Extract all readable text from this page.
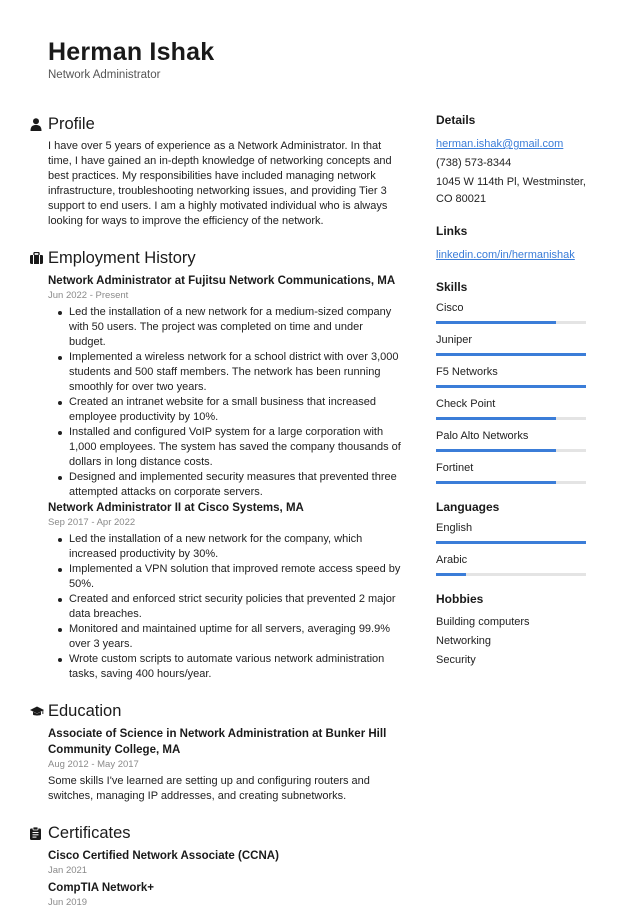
Herman Ishak
Network Administrator
Profile

I have over 5 years of experience as a Network Administrator. In that time, I have gained an in-depth knowledge of networking concepts and best practices. My responsibilities have included managing network infrastructure, troubleshooting networking issues, and providing Tier 3 support to end users. I am a highly motivated individual who is always looking for ways to improve the efficiency of the network.

Employment History
Network Administrator at Fujitsu Network Communications, MA
Jun 2022 - Present
Led the installation of a new network for a medium-sized company with 50 users. The project was completed on time and under budget.
Implemented a wireless network for a school district with over 3,000 students and 500 staff members. The network has been running smoothly for over two years.
Created an intranet website for a small business that increased employee productivity by 10%.
Installed and configured VoIP system for a large corporation with 1,000 employees. The system has saved the company thousands of dollars in long distance costs.
Designed and implemented security measures that prevented three attempted attacks on corporate servers.
Network Administrator II at Cisco Systems, MA
Sep 2017 - Apr 2022
Led the installation of a new network for the company, which increased productivity by 30%.
Implemented a VPN solution that improved remote access speed by 50%.
Created and enforced strict security policies that prevented 2 major data breaches.
Monitored and maintained uptime for all servers, averaging 99.9% over 3 years.
Wrote custom scripts to automate various network administration tasks, saving 400 hours/year.
Education
Associate of Science in Network Administration at Bunker Hill Community College, MA
Aug 2012 - May 2017

Some skills I've learned are setting up and configuring routers and switches, managing IP addresses, and creating subnetworks.

Certificates
Cisco Certified Network Associate (CCNA)
Jan 2021
CompTIA Network+
Jun 2019
Details
herman.ishak@gmail.com
(738) 573-8344
1045 W 114th Pl, Westminster, CO 80021
Links
linkedin.com/in/hermanishak
Skills
Cisco
Juniper
F5 Networks
Check Point
Palo Alto Networks
Fortinet
Languages
English
Arabic
Hobbies
Building computers
Networking
Security
